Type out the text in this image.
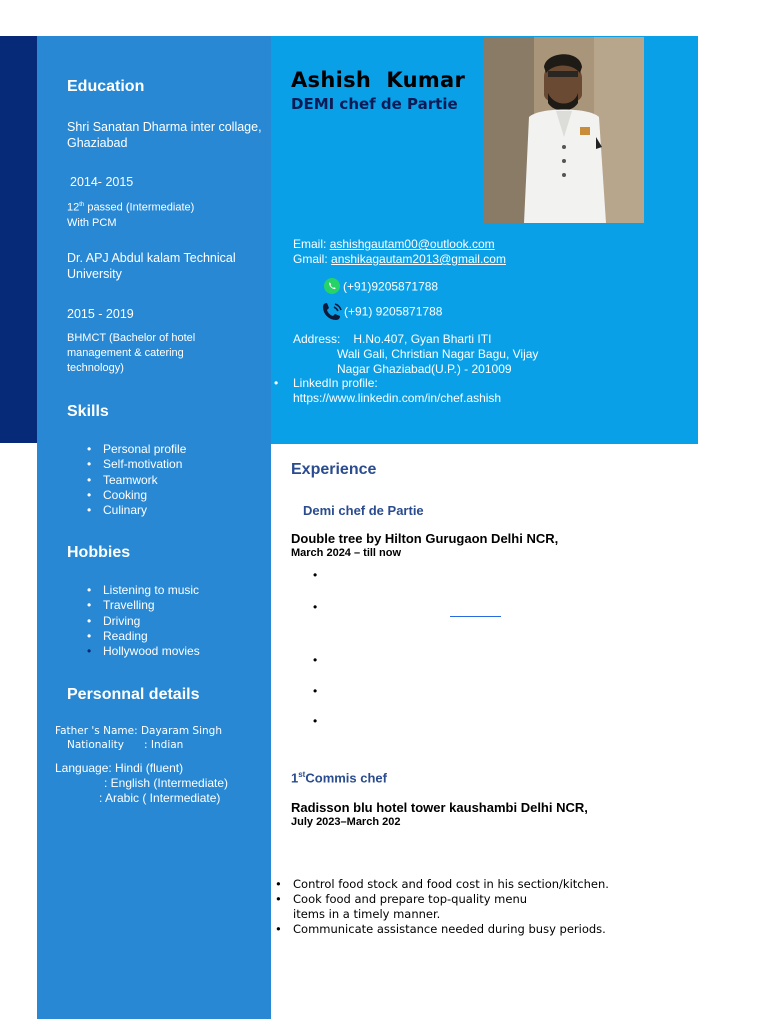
Education
Shri Sanatan Dharma inter collage, Ghaziabad
2014- 2015
12th passed (Intermediate)
With PCM
Dr. APJ Abdul kalam Technical University
2015 - 2019
BHMCT (Bachelor of hotel management & catering technology)
Skills
• Personal profile
• Self-motivation
• Teamwork
• Cooking
• Culinary
Hobbies
• Listening to music
• Travelling
• Driving
• Reading
• Hollywood movies
Personnal details
Father 's Name: Dayaram Singh
Nationality      : Indian
Language: Hindi (fluent)
: English (Intermediate)
: Arabic ( Intermediate)
Ashish  Kumar
DEMI chef de Partie
Email: ashishgautam00@outlook.com
Gmail: anshikagautam2013@gmail.com
(+91)9205871788
(+91) 9205871788
Address: H.No.407, Gyan Bharti ITI
Wali Gali, Christian Nagar Bagu, Vijay
Nagar Ghaziabad(U.P.) - 201009
• LinkedIn profile:
https://www.linkedin.com/in/chef.ashish
Experience
Demi chef de Partie
Double tree by Hilton Gurugaon Delhi NCR,
March 2024 – till now
•
•
•
•
•
1stCommis chef
Radisson blu hotel tower kaushambi Delhi NCR,
July 2023–March 202
• Control food stock and food cost in his section/kitchen.
• Cook food and prepare top-quality menu
items in a timely manner.
• Communicate assistance needed during busy periods.
